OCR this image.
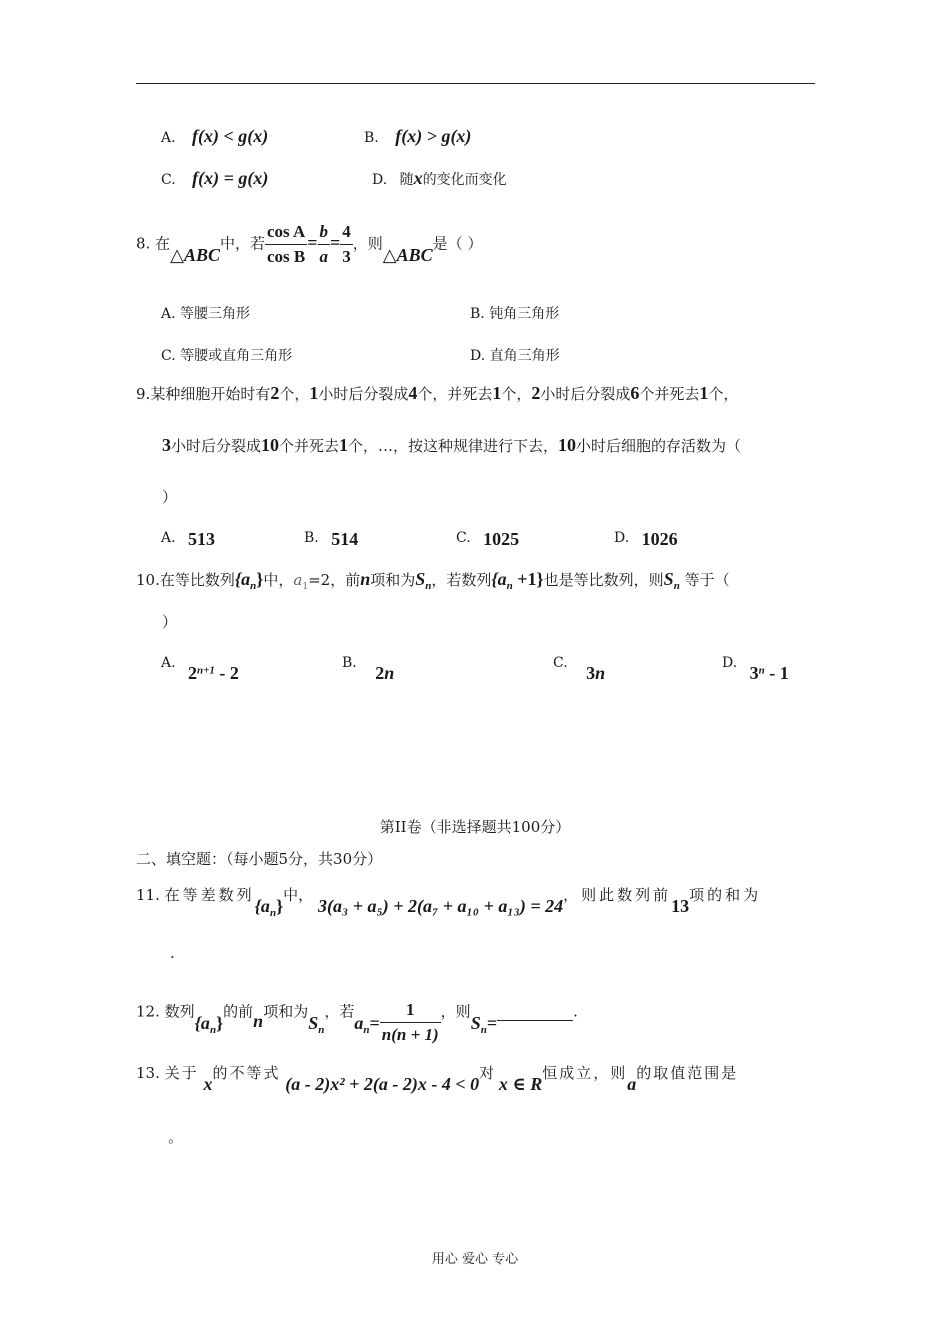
A. f(x) < g(x)	B. f(x) > g(x)
C. f(x) = g(x)	D. 随x的变化而变化
8. 在△ABC中，若 $\frac{\text{cos A}}{\text{cos B}} = \frac{b}{a} = \frac{4}{3}$ ，则△ABC是（ ）
A. 等腰三角形	B. 钝角三角形
C. 等腰或直角三角形	D. 直角三角形
9.某种细胞开始时有2个，1小时后分裂成4个，并死去1个，2小时后分裂成6个并死去1个，
3小时后分裂成10个并死去1个，…，按这种规律进行下去，10小时后细胞的存活数为（
）
A. 513	B. 514	C. 1025	D. 1026
10.在等比数列$\{a_n\}$中，$a_1=2$，前n项和为$S_n$，若数列$\{a_n +1\}$也是等比数列，则$S_n$ 等于（
）
A. $2^{n+1} - 2$	B. 2n	C. 3n	D. 3$^n$ - 1
第II卷（非选择题共100分）
二、填空题：（每小题5分，共30分）
11. 在等差数列$\{a_n\}$中， 3(a₃ + a₅) + 2(a₇ + a₁₀ + a₁₃) = 24，则此数列前13项的和为
.
12. 数列$\{a_n\}$的前n项和为$S_n$，若$a_n= \frac{1}{n(n + 1)}$ ，则$S_n=$.
13. 关于 x的不等式 (a - 2)x² + 2(a - 2)x - 4 < 0对 x ∈ R恒成立，则a的取值范围是
。
用心 爱心 专心
